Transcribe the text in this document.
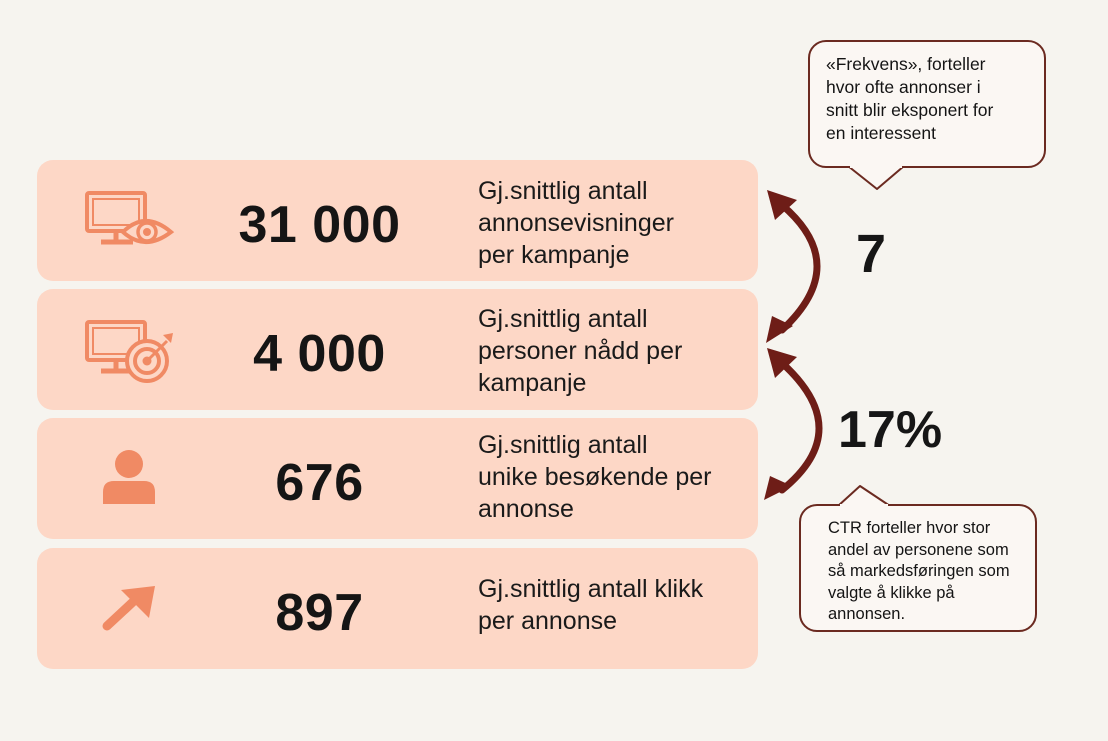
31 000
Gj.snittlig antall
annonsevisninger
per kampanje
4 000
Gj.snittlig antall
personer nådd per
kampanje
676
Gj.snittlig antall
unike besøkende per
annonse
897	Gj.snittlig antall klikk
per annonse
«Frekvens», forteller
hvor ofte annonser i
snitt blir eksponert for
en interessent
CTR forteller hvor stor
andel av personene som
så markedsføringen som
valgte å klikke på
annonsen.
7
17%
